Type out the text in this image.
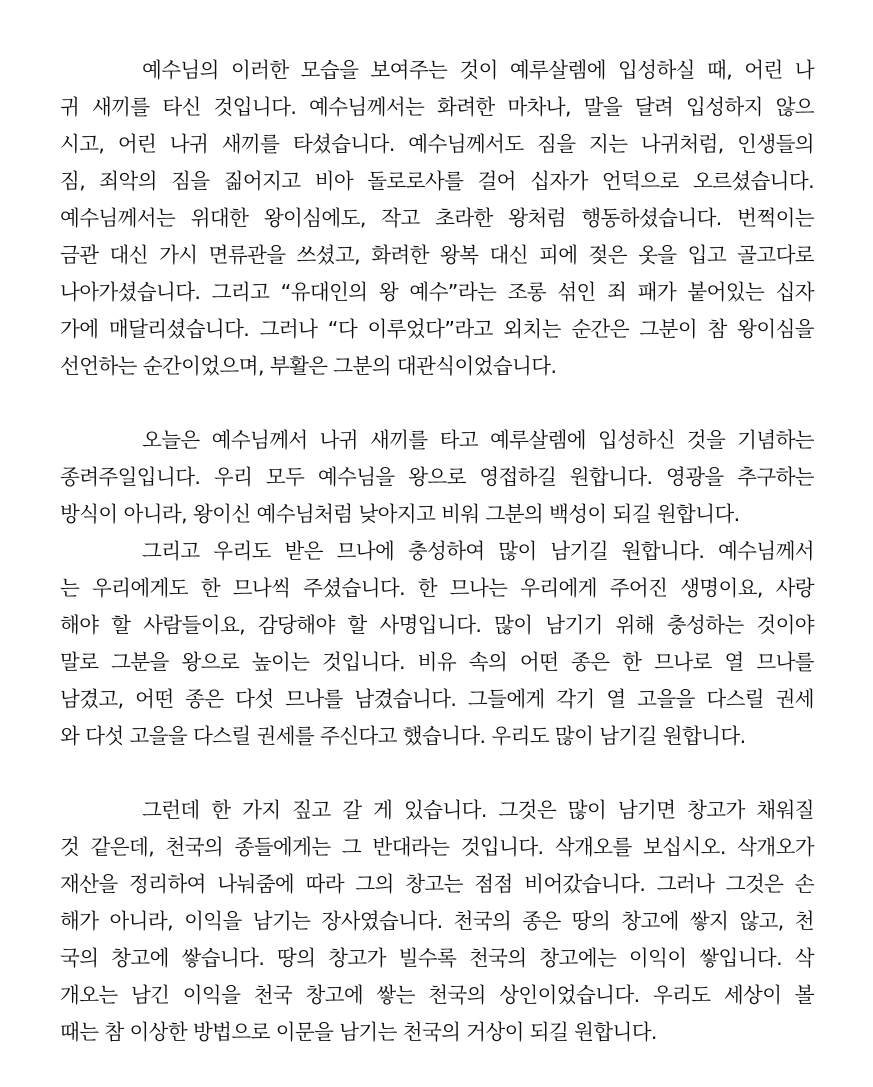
예수님의 이러한 모습을 보여주는 것이 예루살렘에 입성하실 때, 어린 나
귀 새끼를 타신 것입니다. 예수님께서는 화려한 마차나, 말을 달려 입성하지 않으
시고, 어린 나귀 새끼를 타셨습니다. 예수님께서도 짐을 지는 나귀처럼, 인생들의
짐, 죄악의 짐을 짊어지고 비아 돌로로사를 걸어 십자가 언덕으로 오르셨습니다.
예수님께서는 위대한 왕이심에도, 작고 초라한 왕처럼 행동하셨습니다. 번쩍이는
금관 대신 가시 면류관을 쓰셨고, 화려한 왕복 대신 피에 젖은 옷을 입고 골고다로
나아가셨습니다. 그리고 “유대인의 왕 예수”라는 조롱 섞인 죄 패가 붙어있는 십자
가에 매달리셨습니다. 그러나 “다 이루었다”라고 외치는 순간은 그분이 참 왕이심을
선언하는 순간이었으며, 부활은 그분의 대관식이었습니다.
오늘은 예수님께서 나귀 새끼를 타고 예루살렘에 입성하신 것을 기념하는
종려주일입니다. 우리 모두 예수님을 왕으로 영접하길 원합니다. 영광을 추구하는
방식이 아니라, 왕이신 예수님처럼 낮아지고 비워 그분의 백성이 되길 원합니다.
그리고 우리도 받은 므나에 충성하여 많이 남기길 원합니다. 예수님께서
는 우리에게도 한 므나씩 주셨습니다. 한 므나는 우리에게 주어진 생명이요, 사랑
해야 할 사람들이요, 감당해야 할 사명입니다. 많이 남기기 위해 충성하는 것이야
말로 그분을 왕으로 높이는 것입니다. 비유 속의 어떤 종은 한 므나로 열 므나를
남겼고, 어떤 종은 다섯 므나를 남겼습니다. 그들에게 각기 열 고을을 다스릴 권세
와 다섯 고을을 다스릴 권세를 주신다고 했습니다. 우리도 많이 남기길 원합니다.
그런데 한 가지 짚고 갈 게 있습니다. 그것은 많이 남기면 창고가 채워질
것 같은데, 천국의 종들에게는 그 반대라는 것입니다. 삭개오를 보십시오. 삭개오가
재산을 정리하여 나눠줌에 따라 그의 창고는 점점 비어갔습니다. 그러나 그것은 손
해가 아니라, 이익을 남기는 장사였습니다. 천국의 종은 땅의 창고에 쌓지 않고, 천
국의 창고에 쌓습니다. 땅의 창고가 빌수록 천국의 창고에는 이익이 쌓입니다. 삭
개오는 남긴 이익을 천국 창고에 쌓는 천국의 상인이었습니다. 우리도 세상이 볼
때는 참 이상한 방법으로 이문을 남기는 천국의 거상이 되길 원합니다.
